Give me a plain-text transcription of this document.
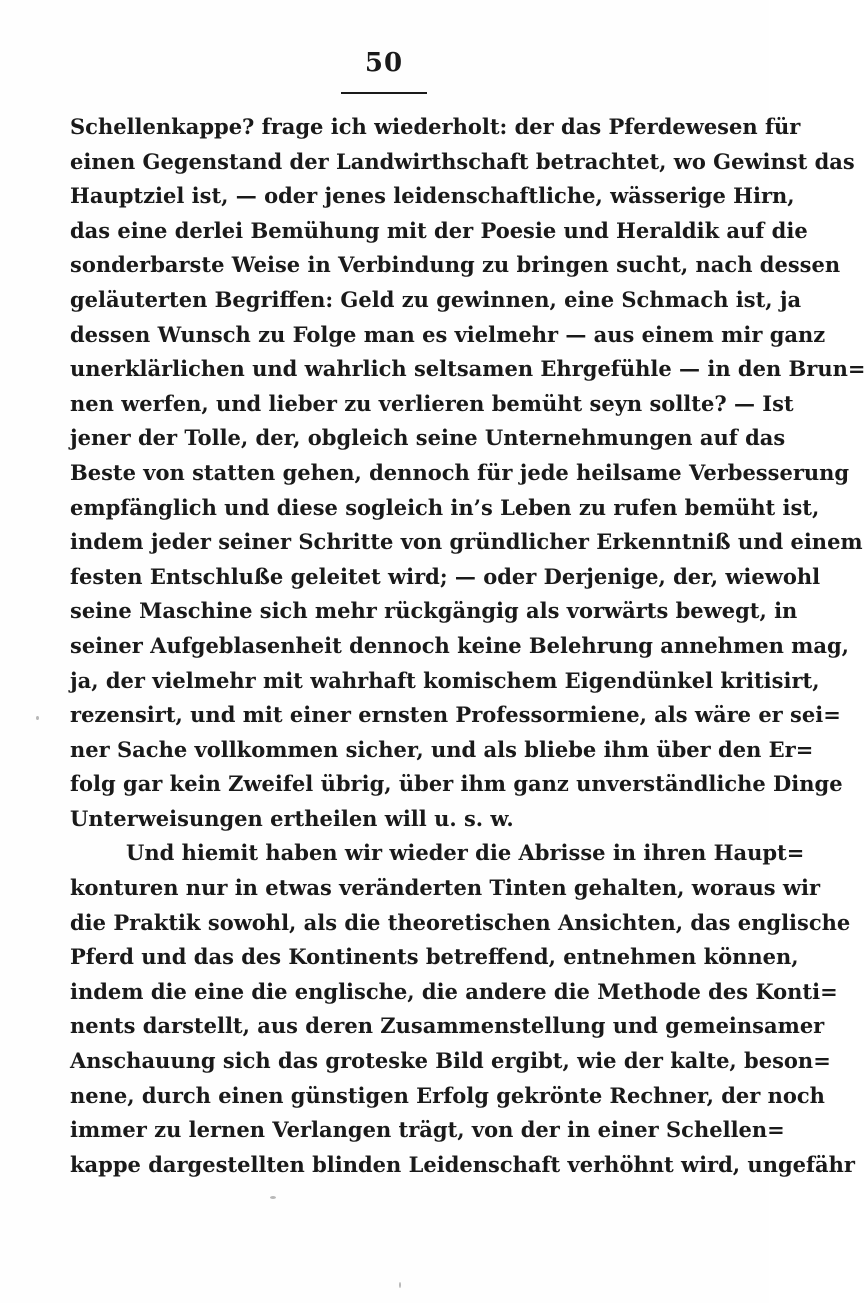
50
Schellenkappe? frage ich wiederholt: der das Pferdewesen für
einen Gegenstand der Landwirthschaft betrachtet, wo Gewinst das
Hauptziel ist, — oder jenes leidenschaftliche, wässerige Hirn,
das eine derlei Bemühung mit der Poesie und Heraldik auf die
sonderbarste Weise in Verbindung zu bringen sucht, nach dessen
geläuterten Begriffen: Geld zu gewinnen, eine Schmach ist, ja
dessen Wunsch zu Folge man es vielmehr — aus einem mir ganz
unerklärlichen und wahrlich seltsamen Ehrgefühle — in den Brun=
nen werfen, und lieber zu verlieren bemüht seyn sollte? — Ist
jener der Tolle, der, obgleich seine Unternehmungen auf das
Beste von statten gehen, dennoch für jede heilsame Verbesserung
empfänglich und diese sogleich in’s Leben zu rufen bemüht ist,
indem jeder seiner Schritte von gründlicher Erkenntniß und einem
festen Entschluße geleitet wird; — oder Derjenige, der, wiewohl
seine Maschine sich mehr rückgängig als vorwärts bewegt, in
seiner Aufgeblasenheit dennoch keine Belehrung annehmen mag,
ja, der vielmehr mit wahrhaft komischem Eigendünkel kritisirt,
rezensirt, und mit einer ernsten Professormiene, als wäre er sei=
ner Sache vollkommen sicher, und als bliebe ihm über den Er=
folg gar kein Zweifel übrig, über ihm ganz unverständliche Dinge
Unterweisungen ertheilen will u. s. w.
Und hiemit haben wir wieder die Abrisse in ihren Haupt=
konturen nur in etwas veränderten Tinten gehalten, woraus wir
die Praktik sowohl, als die theoretischen Ansichten, das englische
Pferd und das des Kontinents betreffend, entnehmen können,
indem die eine die englische, die andere die Methode des Konti=
nents darstellt, aus deren Zusammenstellung und gemeinsamer
Anschauung sich das groteske Bild ergibt, wie der kalte, beson=
nene, durch einen günstigen Erfolg gekrönte Rechner, der noch
immer zu lernen Verlangen trägt, von der in einer Schellen=
kappe dargestellten blinden Leidenschaft verhöhnt wird, ungefähr
